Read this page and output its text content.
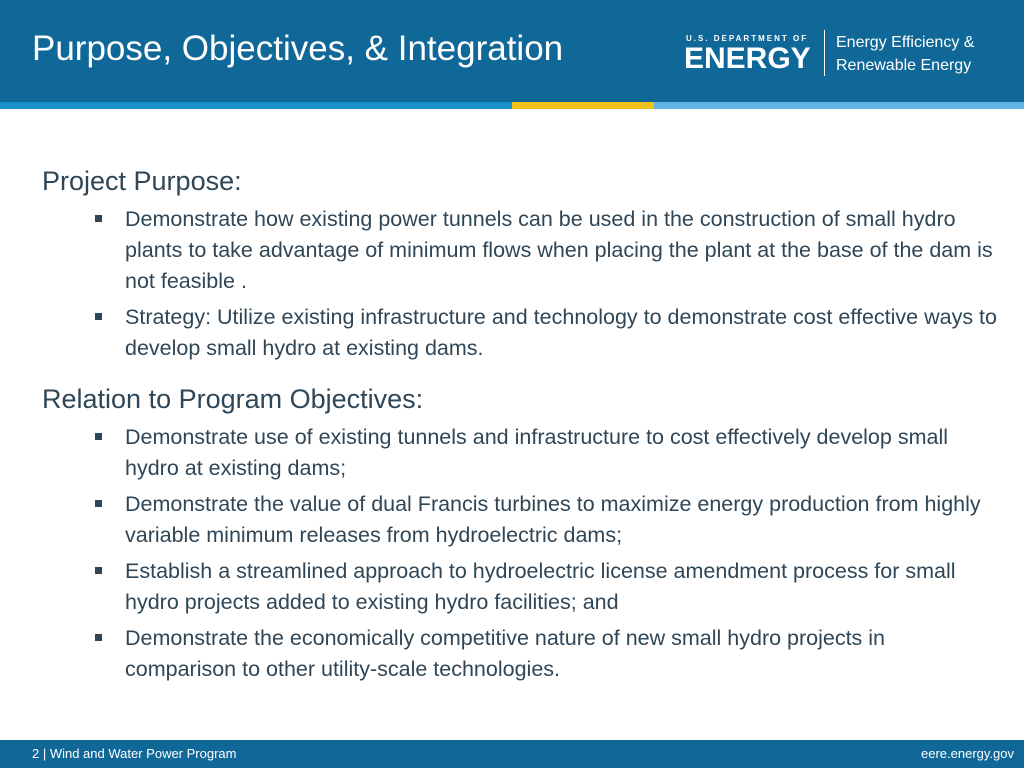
Purpose, Objectives, & Integration	U.S. DEPARTMENT OF
ENERGY Energy Efficiency &
Renewable Energy
Project Purpose:
Demonstrate how existing power tunnels can be used in the construction of small hydro plants to take advantage of minimum flows when placing the plant at the base of the dam is not feasible .
Strategy: Utilize existing infrastructure and technology to demonstrate cost effective ways to develop small hydro at existing dams.
Relation to Program Objectives:
Demonstrate use of existing tunnels and infrastructure to cost effectively develop small hydro at existing dams;
Demonstrate the value of dual Francis turbines to maximize energy production from highly variable minimum releases from hydroelectric dams;
Establish a streamlined approach to hydroelectric license amendment process for small hydro projects added to existing hydro facilities; and
Demonstrate the economically competitive nature of new small hydro projects in comparison to other utility-scale technologies.
2 | Wind and Water Power Program	eere.energy.gov
